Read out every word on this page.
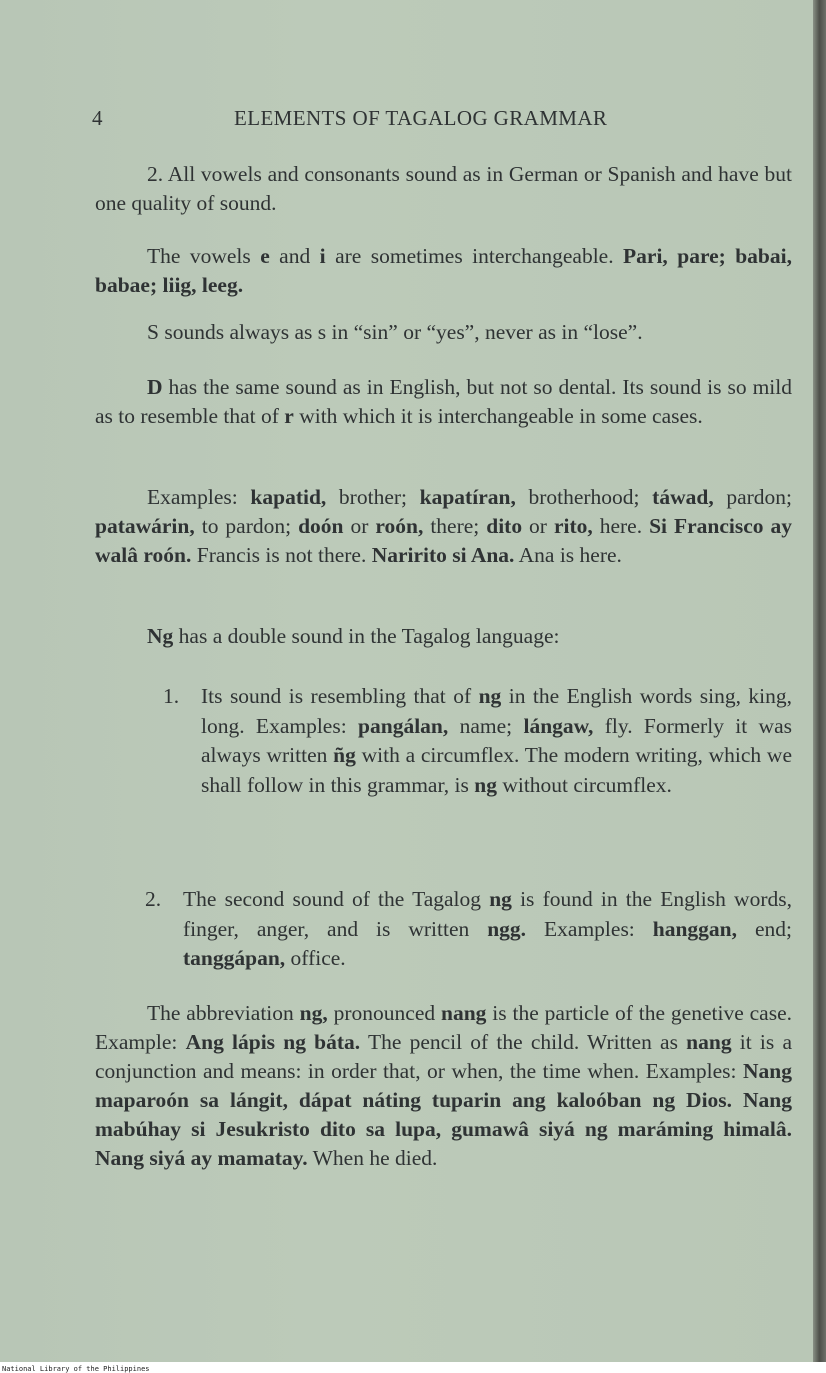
4	ELEMENTS OF TAGALOG GRAMMAR

2. All vowels and consonants sound as in German or Spanish and have but one quality of sound.

The vowels e and i are sometimes interchangeable. Pari, pare; babai, babae; liig, leeg.

S sounds always as s in “sin” or “yes”, never as in “lose”.

D has the same sound as in English, but not so dental. Its sound is so mild as to resemble that of r with which it is interchangeable in some cases.

Examples: kapatid, brother; kapatíran, brotherhood; táwad, pardon; patawárin, to pardon; doón or roón, there; dito or rito, here. Si Francisco ay walâ roón. Francis is not there. Naririto si Ana. Ana is here.

Ng has a double sound in the Tagalog language:

1. Its sound is resembling that of ng in the English words sing, king, long. Examples: pangálan, name; lángaw, fly. Formerly it was always written ñg with a circumflex. The modern writing, which we shall follow in this grammar, is ng without circumflex.
2. The second sound of the Tagalog ng is found in the English words, finger, anger, and is written ngg. Examples: hanggan, end; tanggápan, office.

The abbreviation ng, pronounced nang is the particle of the genetive case. Example: Ang lápis ng báta. The pencil of the child. Written as nang it is a conjunction and means: in order that, or when, the time when. Examples: Nang maparoón sa lángit, dápat náting tuparin ang kaloóban ng Dios. Nang mabúhay si Jesukristo dito sa lupa, gumawâ siyá ng maráming himalâ. Nang siyá ay mamatay. When he died.

National Library of the Philippines
